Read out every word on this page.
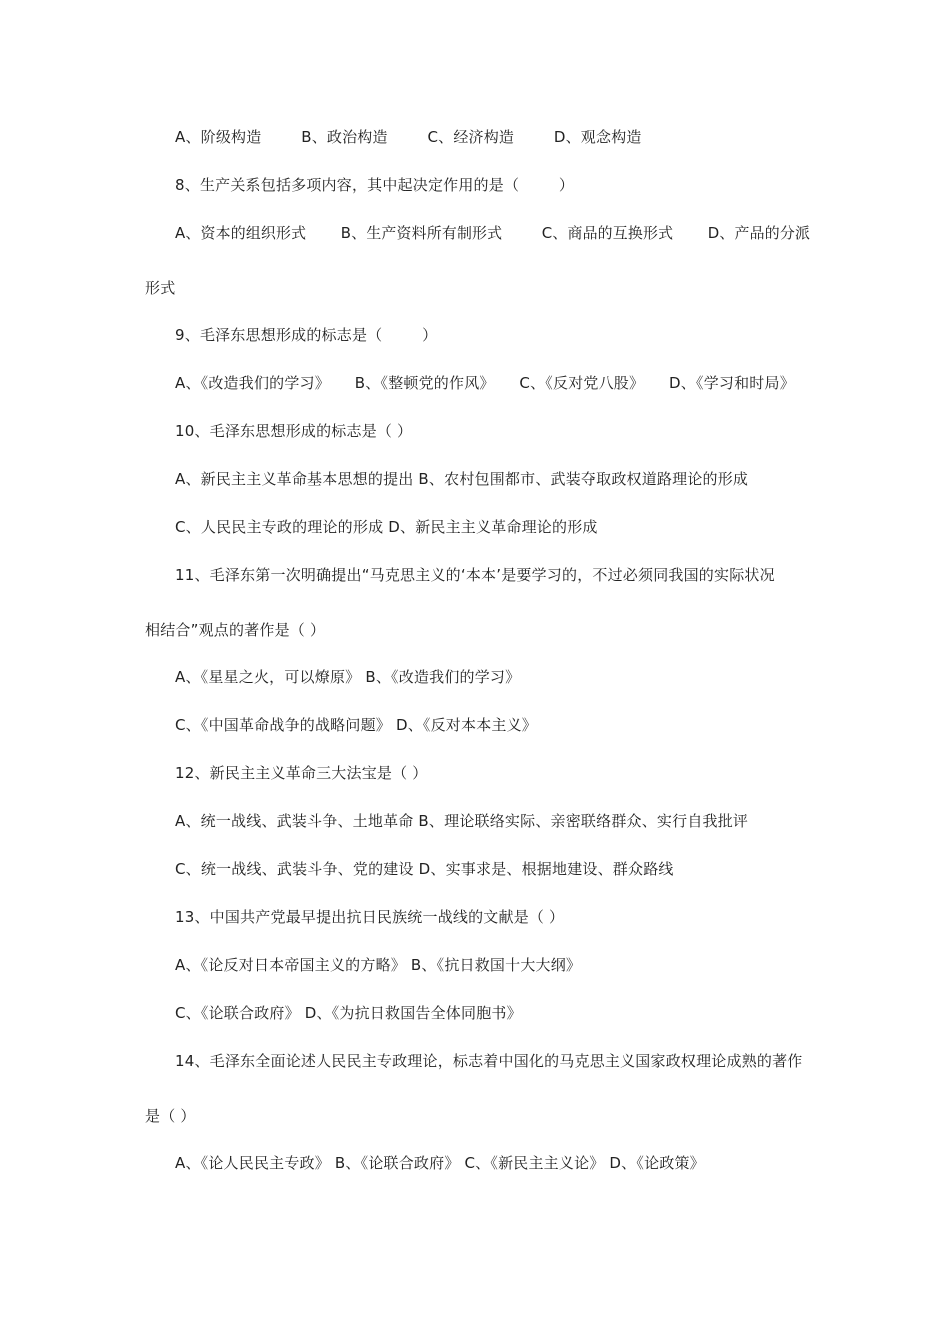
A、阶级构造        B、政治构造        C、经济构造        D、观念构造
8、生产关系包括多项内容，其中起决定作用的是（        ）
A、资本的组织形式       B、生产资料所有制形式        C、商品的互换形式       D、产品的分派
形式
9、毛泽东思想形成的标志是（        ）
A、《改造我们的学习》     B、《整顿党的作风》     C、《反对党八股》     D、《学习和时局》
10、毛泽东思想形成的标志是（ ）
A、新民主主义革命基本思想的提出 B、农村包围都市、武装夺取政权道路理论的形成
C、人民民主专政的理论的形成 D、新民主主义革命理论的形成
11、毛泽东第一次明确提出“马克思主义的‘本本’是要学习的，不过必须同我国的实际状况
相结合”观点的著作是（ ）
A、《星星之火，可以燎原》 B、《改造我们的学习》
C、《中国革命战争的战略问题》 D、《反对本本主义》
12、新民主主义革命三大法宝是（ ）
A、统一战线、武装斗争、土地革命 B、理论联络实际、亲密联络群众、实行自我批评
C、统一战线、武装斗争、党的建设 D、实事求是、根据地建设、群众路线
13、中国共产党最早提出抗日民族统一战线的文献是（ ）
A、《论反对日本帝国主义的方略》 B、《抗日救国十大大纲》
C、《论联合政府》 D、《为抗日救国告全体同胞书》
14、毛泽东全面论述人民民主专政理论，标志着中国化的马克思主义国家政权理论成熟的著作
是（ ）
A、《论人民民主专政》 B、《论联合政府》 C、《新民主主义论》 D、《论政策》
